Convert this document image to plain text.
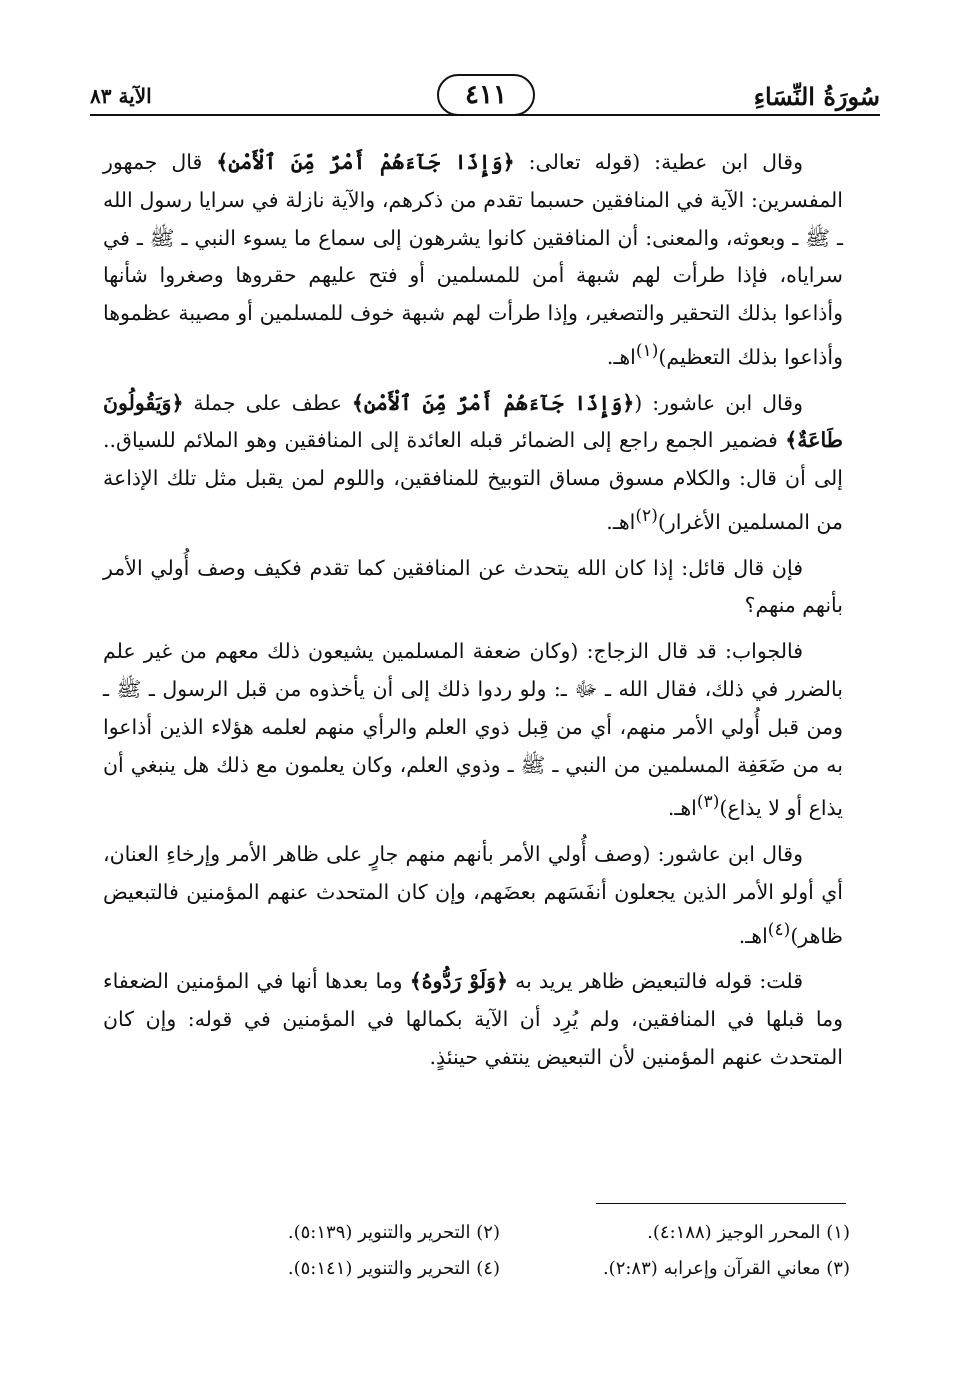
سُورَةُ النِّسَاءِ
٤١١
الآية ٨٣

وقال ابن عطية: (قوله تعالى: ﴿وَإِذَا جَآءَهُمْ أَمْرٌ مِّنَ ٱلْأَمْنِ﴾ قال جمهور المفسرين: الآية في المنافقين حسبما تقدم من ذكرهم، والآية نازلة في سرايا رسول الله ـ ﷺ ـ وبعوثه، والمعنى: أن المنافقين كانوا يشرهون إلى سماع ما يسوء النبي ـ ﷺ ـ في سراياه، فإذا طرأت لهم شبهة أمن للمسلمين أو فتح عليهم حقروها وصغروا شأنها وأذاعوا بذلك التحقير والتصغير، وإذا طرأت لهم شبهة خوف للمسلمين أو مصيبة عظموها وأذاعوا بذلك التعظيم)$^{(١)}$اهـ.

وقال ابن عاشور: (﴿وَإِذَا جَآءَهُمْ أَمْرٌ مِّنَ ٱلْأَمْنِ﴾ عطف على جملة ﴿وَيَقُولُونَ طَاعَةٌ﴾ فضمير الجمع راجع إلى الضمائر قبله العائدة إلى المنافقين وهو الملائم للسياق.. إلى أن قال: والكلام مسوق مساق التوبيخ للمنافقين، واللوم لمن يقبل مثل تلك الإذاعة من المسلمين الأغرار)$^{(٢)}$اهـ.

فإن قال قائل: إذا كان الله يتحدث عن المنافقين كما تقدم فكيف وصف أُولي الأمر بأنهم منهم؟

فالجواب: قد قال الزجاج: (وكان ضعفة المسلمين يشيعون ذلك معهم من غير علم بالضرر في ذلك، فقال الله ـ ﷻ ـ: ولو ردوا ذلك إلى أن يأخذوه من قبل الرسول ـ ﷺ ـ ومن قبل أُولي الأمر منهم، أي من قِبل ذوي العلم والرأي منهم لعلمه هؤلاء الذين أذاعوا به من ضَعَفِة المسلمين من النبي ـ ﷺ ـ وذوي العلم، وكان يعلمون مع ذلك هل ينبغي أن يذاع أو لا يذاع)$^{(٣)}$اهـ.

وقال ابن عاشور: (وصف أُولي الأمر بأنهم منهم جارٍ على ظاهر الأمر وإرخاءِ العنان، أي أولو الأمر الذين يجعلون أنفَسَهم بعضَهم، وإن كان المتحدث عنهم المؤمنين فالتبعيض ظاهر)$^{(٤)}$اهـ.

قلت: قوله فالتبعيض ظاهر يريد به ﴿وَلَوْ رَدُّوهُ﴾ وما بعدها أنها في المؤمنين الضعفاء وما قبلها في المنافقين، ولم يُرِد أن الآية بكمالها في المؤمنين في قوله: وإن كان المتحدث عنهم المؤمنين لأن التبعيض ينتفي حينئذٍ.

(١) المحرر الوجيز (٤:١٨٨).
(٢) التحرير والتنوير (٥:١٣٩).
(٣) معاني القرآن وإعرابه (٢:٨٣).
(٤) التحرير والتنوير (٥:١٤١).
